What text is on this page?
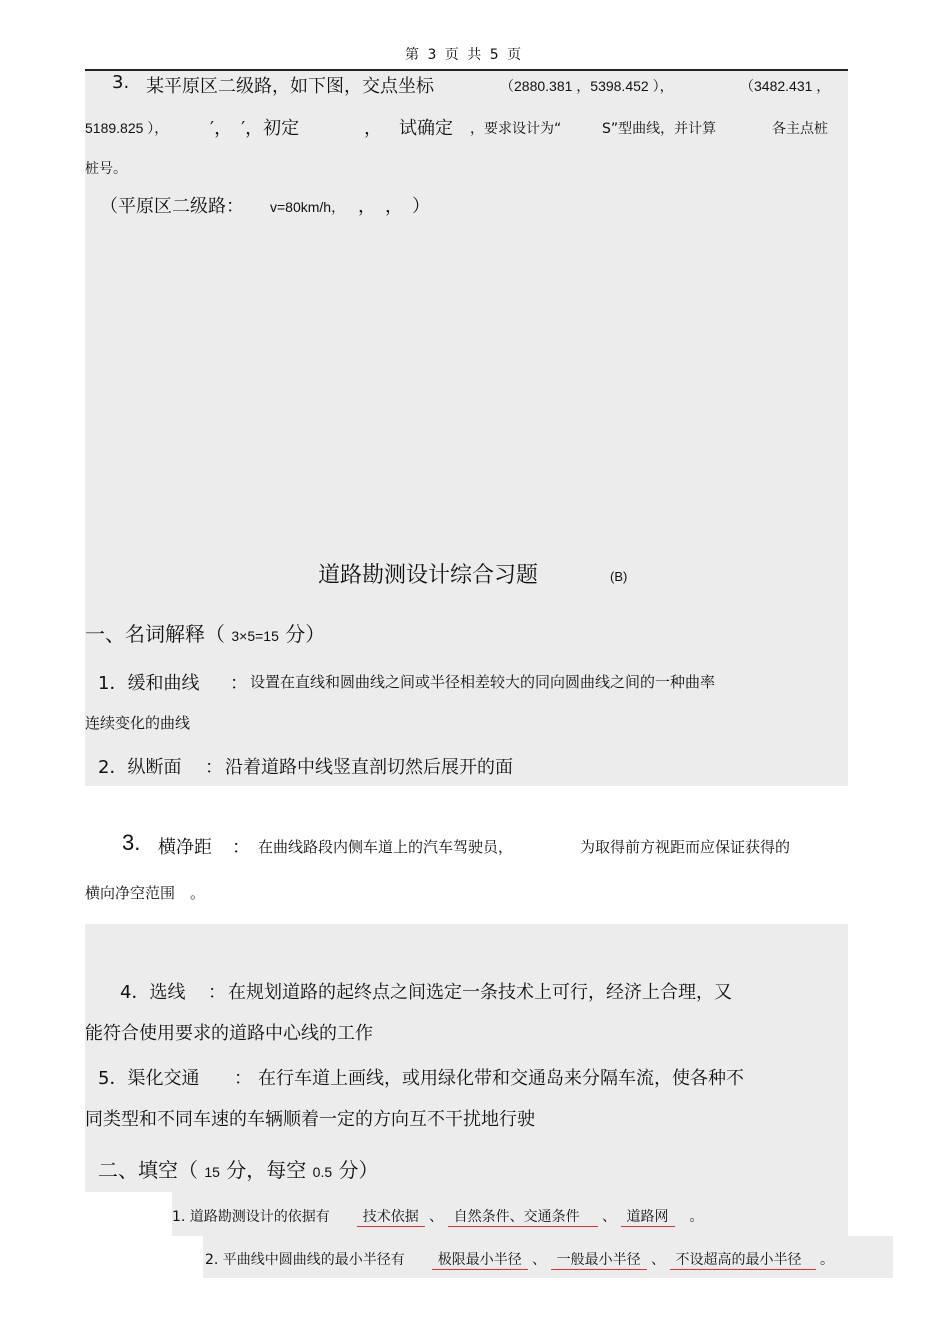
第 3 页 共 5 页
3. 某平原区二级路，如下图，交点坐标	（2880.381 ，5398.452 ），	（3482.431 ，
5189.825 ）， ′，　′，初定	， 试确定 ，要求设计为“	S”型曲线，并计算	各主点桩
桩号。
（平原区二级路： v=80km/h， ，　，　）
道路勘测设计综合习题	(B)
一、名词解释（ 3×5=15 分）
1．缓和曲线 ： 设置在直线和圆曲线之间或半径相差较大的同向圆曲线之间的一种曲率
连续变化的曲线
2．纵断面 ： 沿着道路中线竖直剖切然后展开的面
3. 横净距 ： 在曲线路段内侧车道上的汽车驾驶员，	为取得前方视距而应保证获得的
横向净空范围　。
4．选线 ： 在规划道路的起终点之间选定一条技术上可行，经济上合理，又
能符合使用要求的道路中心线的工作
5．渠化交通 ： 在行车道上画线，或用绿化带和交通岛来分隔车流，使各种不
同类型和不同车速的车辆顺着一定的方向互不干扰地行驶
二、填空（ 15 分，每空 0.5 分）
1. 道路勘测设计的依据有 技术依据 、 自然条件、交通条件 、 道路网 。
2. 平曲线中圆曲线的最小半径有 极限最小半径 、 一般最小半径 、 不设超高的最小半径 。
